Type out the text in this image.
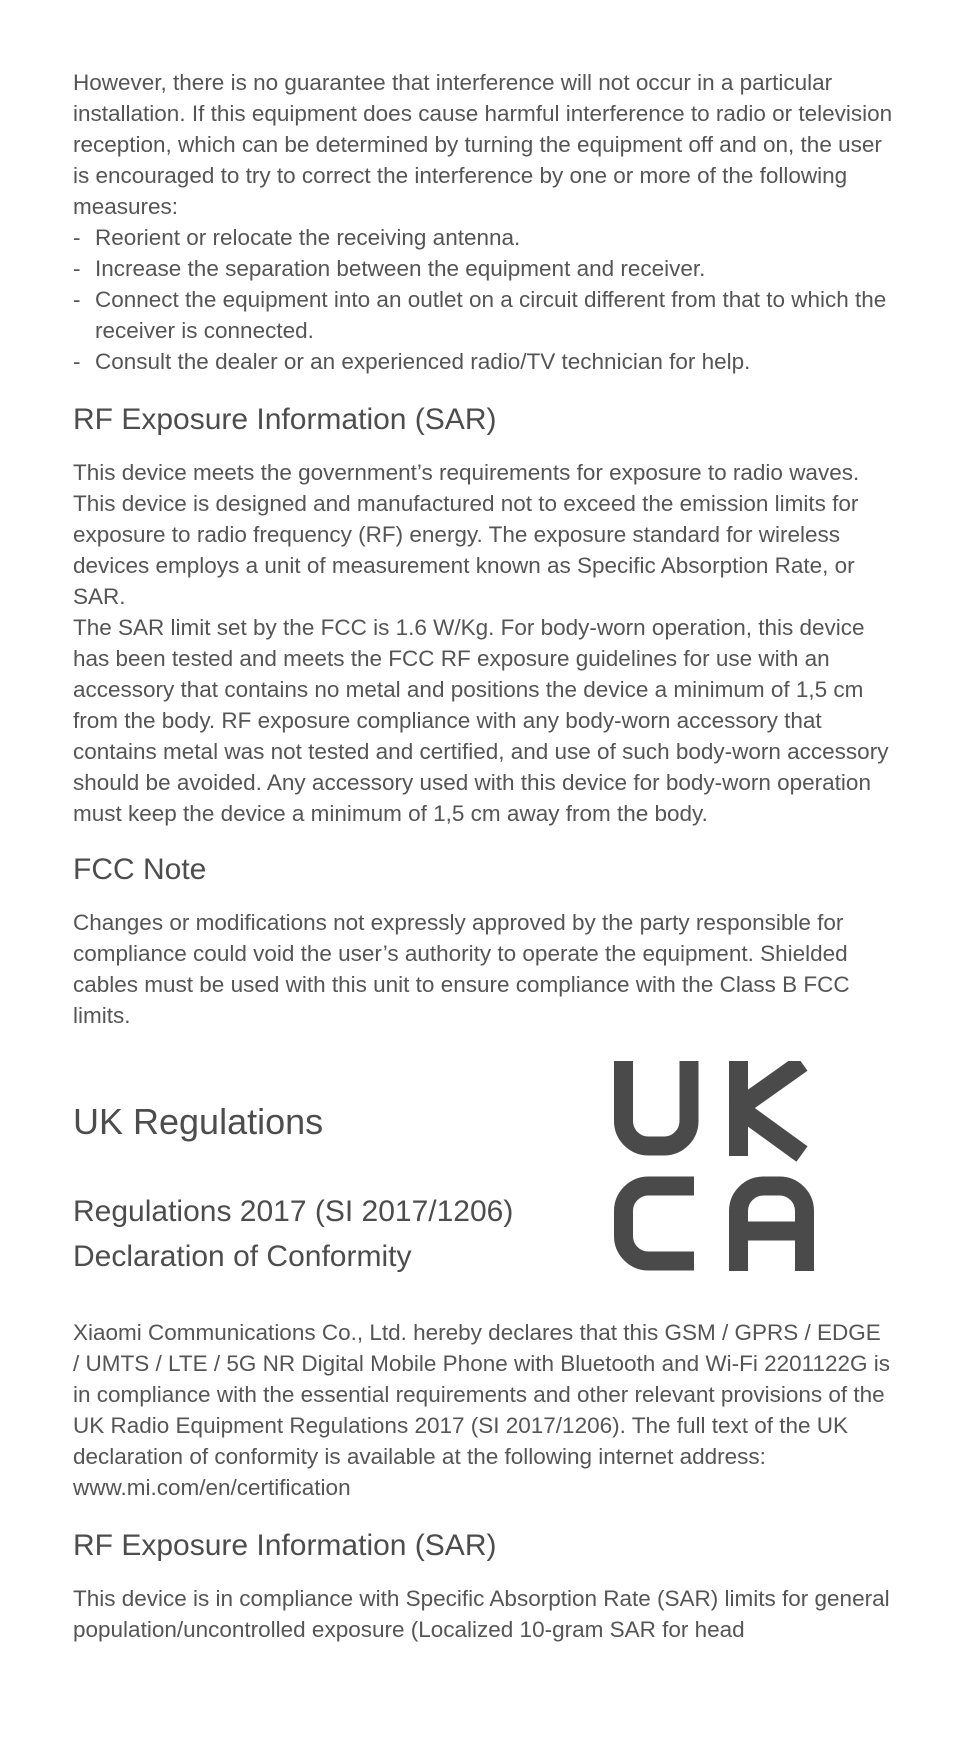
However, there is no guarantee that interference will not occur in a particular installation. If this equipment does cause harmful interference to radio or television reception, which can be determined by turning the equipment off and on, the user is encouraged to try to correct the interference by one or more of the following measures:

- Reorient or relocate the receiving antenna.
- Increase the separation between the equipment and receiver.
- Connect the equipment into an outlet on a circuit different from that to which the receiver is connected.
- Consult the dealer or an experienced radio/TV technician for help.
RF Exposure Information (SAR)

This device meets the government’s requirements for exposure to radio waves. This device is designed and manufactured not to exceed the emission limits for exposure to radio frequency (RF) energy. The exposure standard for wireless devices employs a unit of measurement known as Specific Absorption Rate, or SAR.

The SAR limit set by the FCC is 1.6 W/Kg. For body-worn operation, this device has been tested and meets the FCC RF exposure guidelines for use with an accessory that contains no metal and positions the device a minimum of 1,5 cm from the body. RF exposure compliance with any body-worn accessory that contains metal was not tested and certified, and use of such body-worn accessory should be avoided. Any accessory used with this device for body-worn operation must keep the device a minimum of 1,5 cm away from the body.

FCC Note

Changes or modifications not expressly approved by the party responsible for compliance could void the user’s authority to operate the equipment. Shielded cables must be used with this unit to ensure compliance with the Class B FCC limits.

UK Regulations
Regulations 2017 (SI 2017/1206)
Declaration of Conformity

Xiaomi Communications Co., Ltd. hereby declares that this GSM / GPRS / EDGE / UMTS / LTE / 5G NR Digital Mobile Phone with Bluetooth and Wi-Fi 2201122G is in compliance with the essential requirements and other relevant provisions of the UK Radio Equipment Regulations 2017 (SI 2017/1206). The full text of the UK declaration of conformity is available at the following internet address:

www.mi.com/en/certification

RF Exposure Information (SAR)

This device is in compliance with Specific Absorption Rate (SAR) limits for general population/uncontrolled exposure (Localized 10-gram SAR for head
